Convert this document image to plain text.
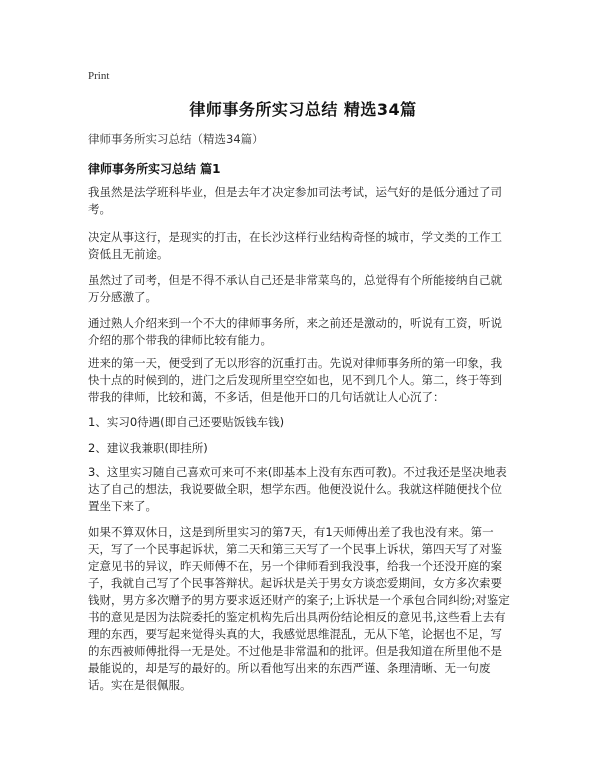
Print
律师事务所实习总结 精选34篇
律师事务所实习总结（精选34篇）
律师事务所实习总结 篇1

我虽然是法学班科毕业，但是去年才决定参加司法考试，运气好的是低分通过了司考。

决定从事这行，是现实的打击，在长沙这样行业结构奇怪的城市，学文类的工作工资低且无前途。

虽然过了司考，但是不得不承认自己还是非常菜鸟的，总觉得有个所能接纳自己就万分感激了。

通过熟人介绍来到一个不大的律师事务所，来之前还是激动的，听说有工资，听说介绍的那个带我的律师比较有能力。

进来的第一天，便受到了无以形容的沉重打击。先说对律师事务所的第一印象，我快十点的时候到的，进门之后发现所里空空如也，见不到几个人。第二，终于等到带我的律师，比较和蔼，不多话，但是他开口的几句话就让人心沉了：

1、实习0待遇(即自己还要贴饭钱车钱)

2、建议我兼职(即挂所)

3、这里实习随自己喜欢可来可不来(即基本上没有东西可教)。不过我还是坚决地表达了自己的想法，我说要做全职，想学东西。他便没说什么。我就这样随便找个位置坐下来了。

如果不算双休日，这是到所里实习的第7天，有1天师傅出差了我也没有来。第一天，写了一个民事起诉状，第二天和第三天写了一个民事上诉状，第四天写了对鉴定意见书的异议，昨天师傅不在，另一个律师看到我没事，给我一个还没开庭的案子，我就自己写了个民事答辩状。起诉状是关于男女方谈恋爱期间，女方多次索要钱财，男方多次赠予的男方要求返还财产的案子;上诉状是一个承包合同纠纷;对鉴定书的意见是因为法院委托的鉴定机构先后出具两份结论相反的意见书,这些看上去有理的东西，要写起来觉得头真的大，我感觉思维混乱，无从下笔，论据也不足，写的东西被师傅批得一无是处。不过他是非常温和的批评。但是我知道在所里他不是最能说的，却是写的最好的。所以看他写出来的东西严谨、条理清晰、无一句废话。实在是很佩服。
